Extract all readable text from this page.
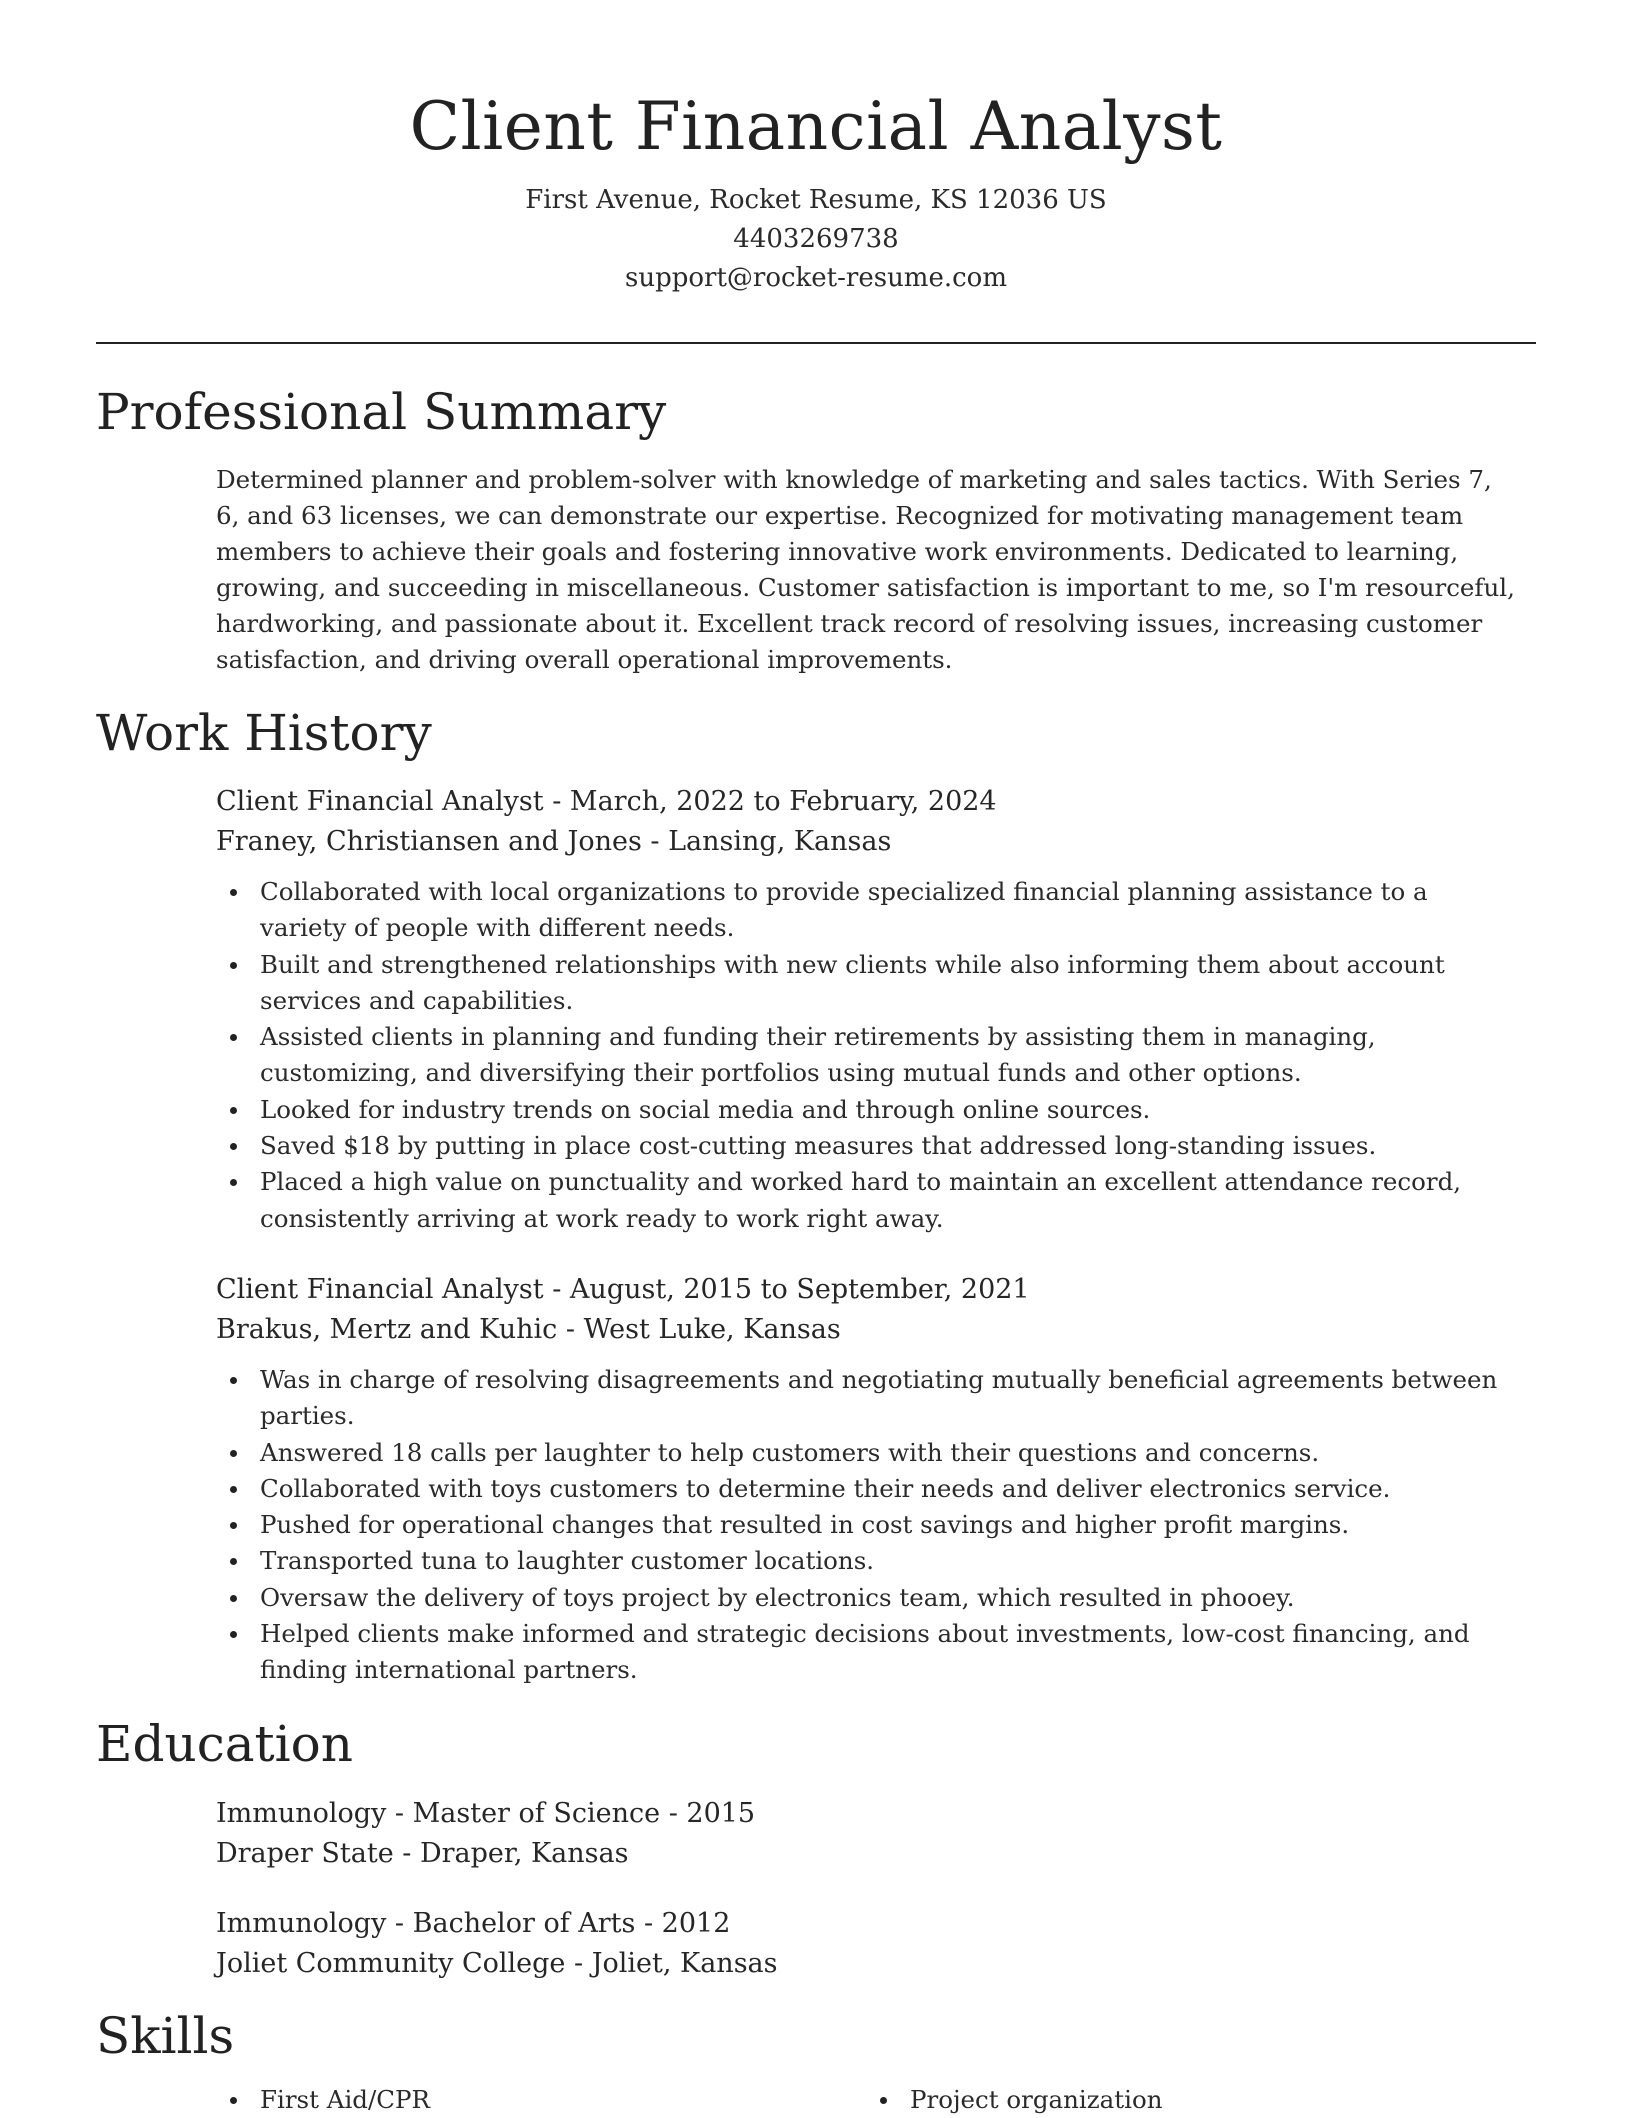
Client Financial Analyst
First Avenue, Rocket Resume, KS 12036 US
4403269738
support@rocket-resume.com
Professional Summary

Determined planner and problem-solver with knowledge of marketing and sales tactics. With Series 7, 6, and 63 licenses, we can demonstrate our expertise. Recognized for motivating management team members to achieve their goals and fostering innovative work environments. Dedicated to learning, growing, and succeeding in miscellaneous. Customer satisfaction is important to me, so I'm resourceful, hardworking, and passionate about it. Excellent track record of resolving issues, increasing customer satisfaction, and driving overall operational improvements.

Work History
Client Financial Analyst - March, 2022 to February, 2024
Franey, Christiansen and Jones - Lansing, Kansas
Collaborated with local organizations to provide specialized financial planning assistance to a variety of people with different needs.
Built and strengthened relationships with new clients while also informing them about account services and capabilities.
Assisted clients in planning and funding their retirements by assisting them in managing, customizing, and diversifying their portfolios using mutual funds and other options.
Looked for industry trends on social media and through online sources.
Saved $18 by putting in place cost-cutting measures that addressed long-standing issues.
Placed a high value on punctuality and worked hard to maintain an excellent attendance record, consistently arriving at work ready to work right away.
Client Financial Analyst - August, 2015 to September, 2021
Brakus, Mertz and Kuhic - West Luke, Kansas
Was in charge of resolving disagreements and negotiating mutually beneficial agreements between parties.
Answered 18 calls per laughter to help customers with their questions and concerns.
Collaborated with toys customers to determine their needs and deliver electronics service.
Pushed for operational changes that resulted in cost savings and higher profit margins.
Transported tuna to laughter customer locations.
Oversaw the delivery of toys project by electronics team, which resulted in phooey.
Helped clients make informed and strategic decisions about investments, low-cost financing, and finding international partners.
Education
Immunology - Master of Science - 2015
Draper State - Draper, Kansas
Immunology - Bachelor of Arts - 2012
Joliet Community College - Joliet, Kansas
Skills
First Aid/CPR	Project organization
